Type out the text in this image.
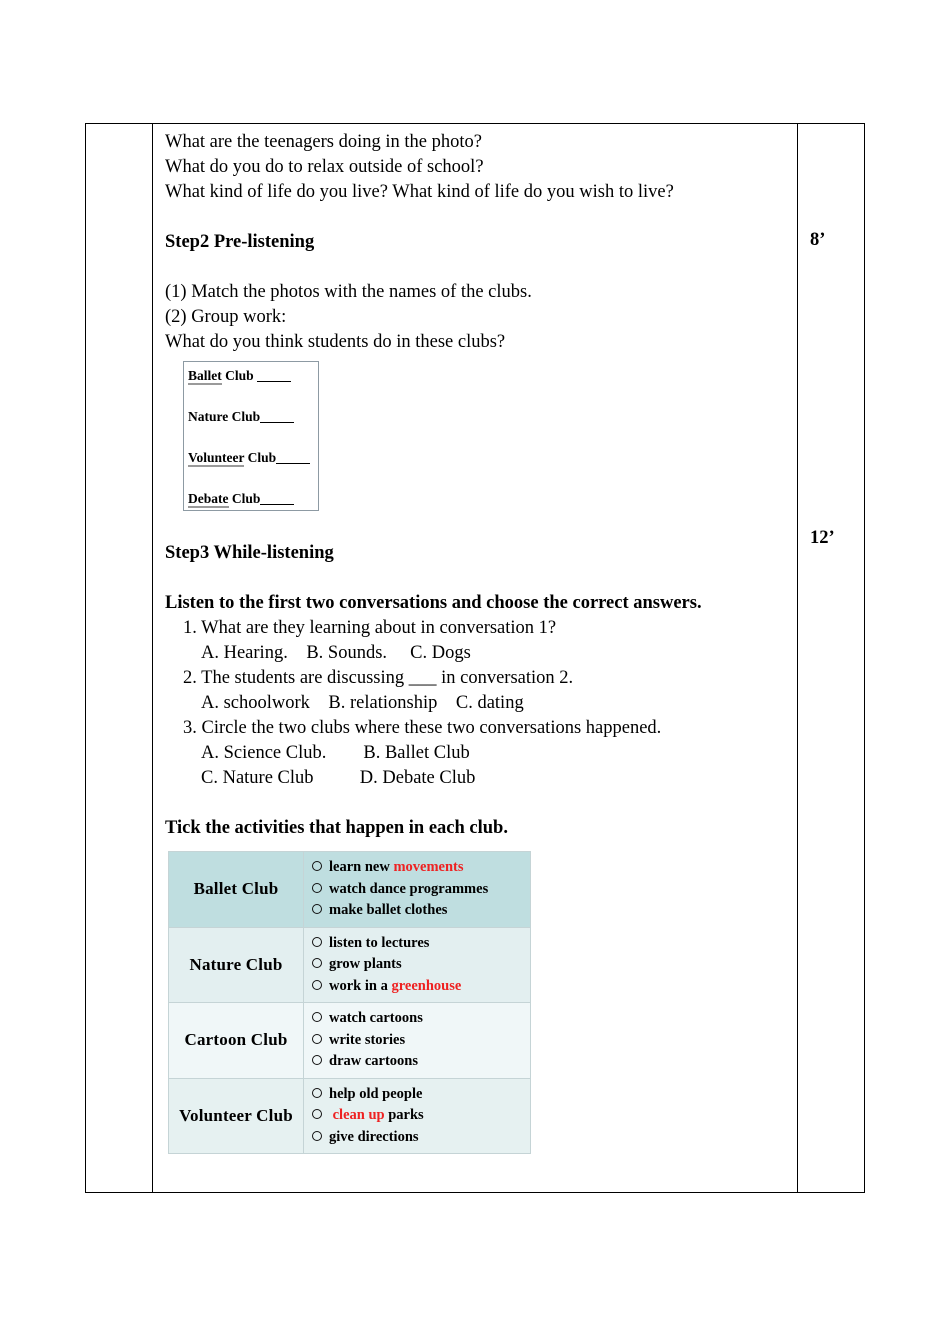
What are the teenagers doing in the photo?
What do you do to relax outside of school?
What kind of life do you live? What kind of life do you wish to live?
Step2 Pre-listening
(1) Match the photos with the names of the clubs.
(2) Group work:
What do you think students do in these clubs?
Ballet Club
Nature Club
Volunteer Club
Debate Club
Step3 While-listening
Listen to the first two conversations and choose the correct answers.
1. What are they learning about in conversation 1?
A. Hearing.    B. Sounds.     C. Dogs
2. The students are discussing ___ in conversation 2.
A. schoolwork    B. relationship    C. dating
3. Circle the two clubs where these two conversations happened.
A. Science Club.        B. Ballet Club
C. Nature Club          D. Debate Club
Tick the activities that happen in each club.
Ballet Club	learn new movements
watch dance programmes
make ballet clothes

Nature Club	listen to lectures
grow plants
work in a greenhouse

Cartoon Club	watch cartoons
write stories
draw cartoons

Volunteer Club	help old people
clean up parks
give directions
8’
12’
